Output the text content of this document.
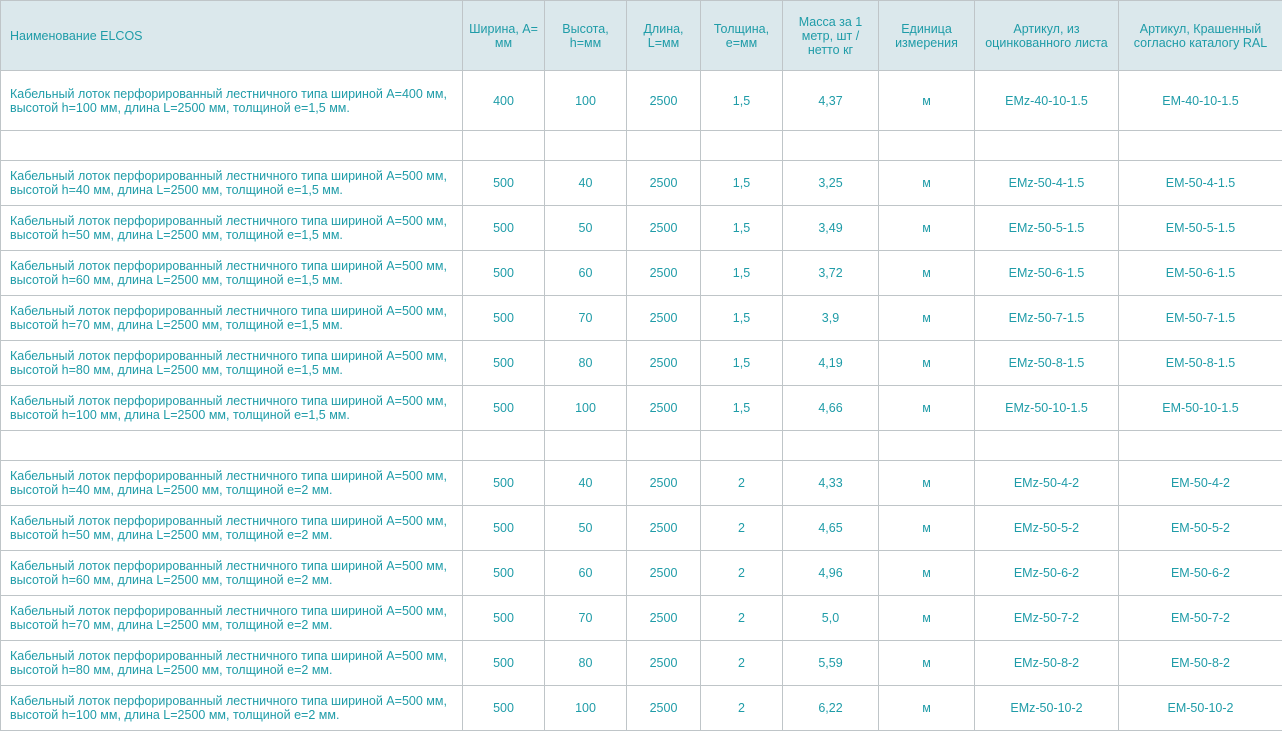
Наименование ELCOS	Ширина, А= мм	Высота, h=мм	Длина, L=мм	Толщина, е=мм	Масса за 1 метр, шт / нетто кг	Единица измерения	Артикул, из оцинкованного листа	Артикул, Крашенный согласно каталогу RAL
Кабельный лоток перфорированный лестничного типа шириной А=400 мм, высотой h=100 мм, длина L=2500 мм, толщиной е=1,5 мм.	400	100	2500	1,5	4,37	м	EMz-40-10-1.5	EM-40-10-1.5

Кабельный лоток перфорированный лестничного типа шириной А=500 мм, высотой h=40 мм, длина L=2500 мм, толщиной е=1,5 мм.	500	40	2500	1,5	3,25	м	EMz-50-4-1.5	EM-50-4-1.5
Кабельный лоток перфорированный лестничного типа шириной А=500 мм, высотой h=50 мм, длина L=2500 мм, толщиной е=1,5 мм.	500	50	2500	1,5	3,49	м	EMz-50-5-1.5	EM-50-5-1.5
Кабельный лоток перфорированный лестничного типа шириной А=500 мм, высотой h=60 мм, длина L=2500 мм, толщиной е=1,5 мм.	500	60	2500	1,5	3,72	м	EMz-50-6-1.5	EM-50-6-1.5
Кабельный лоток перфорированный лестничного типа шириной А=500 мм, высотой h=70 мм, длина L=2500 мм, толщиной е=1,5 мм.	500	70	2500	1,5	3,9	м	EMz-50-7-1.5	EM-50-7-1.5
Кабельный лоток перфорированный лестничного типа шириной А=500 мм, высотой h=80 мм, длина L=2500 мм, толщиной е=1,5 мм.	500	80	2500	1,5	4,19	м	EMz-50-8-1.5	EM-50-8-1.5
Кабельный лоток перфорированный лестничного типа шириной А=500 мм, высотой h=100 мм, длина L=2500 мм, толщиной е=1,5 мм.	500	100	2500	1,5	4,66	м	EMz-50-10-1.5	EM-50-10-1.5

Кабельный лоток перфорированный лестничного типа шириной А=500 мм, высотой h=40 мм, длина L=2500 мм, толщиной е=2 мм.	500	40	2500	2	4,33	м	EMz-50-4-2	EM-50-4-2
Кабельный лоток перфорированный лестничного типа шириной А=500 мм, высотой h=50 мм, длина L=2500 мм, толщиной е=2 мм.	500	50	2500	2	4,65	м	EMz-50-5-2	EM-50-5-2
Кабельный лоток перфорированный лестничного типа шириной А=500 мм, высотой h=60 мм, длина L=2500 мм, толщиной е=2 мм.	500	60	2500	2	4,96	м	EMz-50-6-2	EM-50-6-2
Кабельный лоток перфорированный лестничного типа шириной А=500 мм, высотой h=70 мм, длина L=2500 мм, толщиной е=2 мм.	500	70	2500	2	5,0	м	EMz-50-7-2	EM-50-7-2
Кабельный лоток перфорированный лестничного типа шириной А=500 мм, высотой h=80 мм, длина L=2500 мм, толщиной е=2 мм.	500	80	2500	2	5,59	м	EMz-50-8-2	EM-50-8-2
Кабельный лоток перфорированный лестничного типа шириной А=500 мм, высотой h=100 мм, длина L=2500 мм, толщиной е=2 мм.	500	100	2500	2	6,22	м	EMz-50-10-2	EM-50-10-2
